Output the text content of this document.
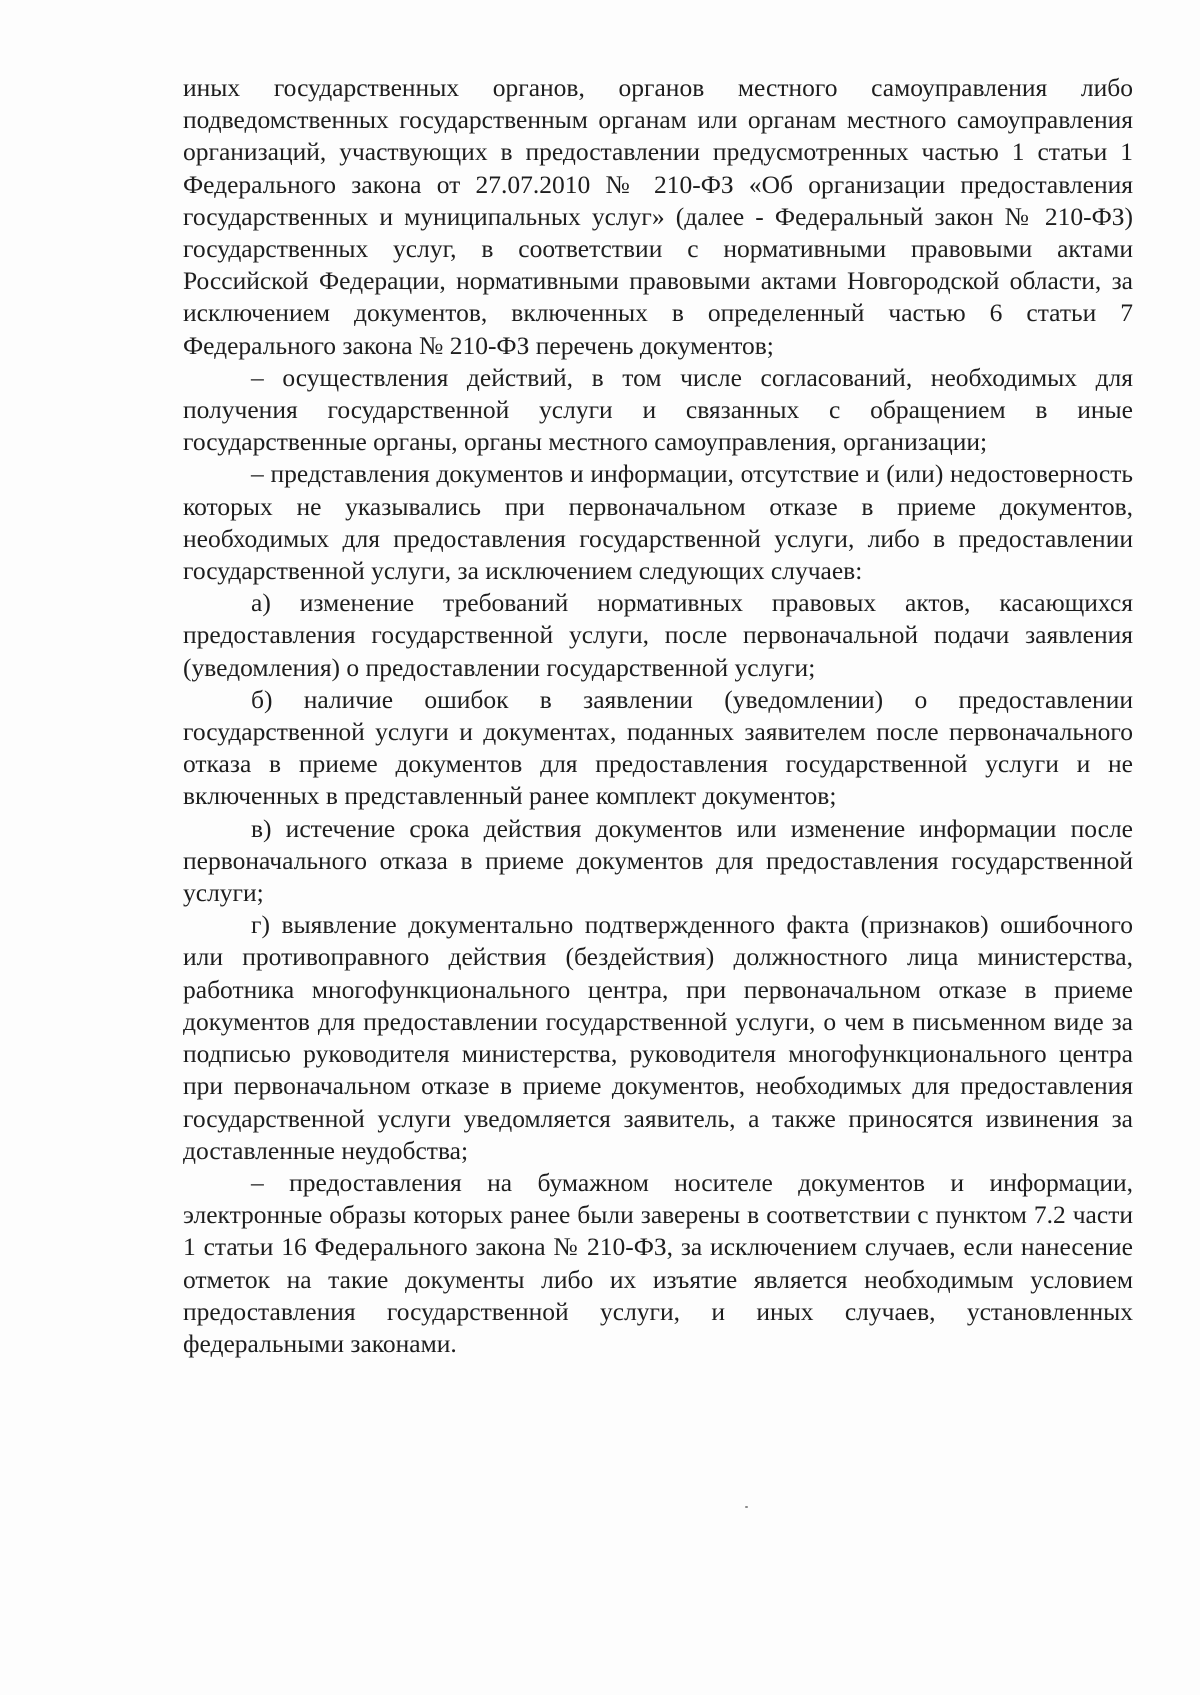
иных государственных органов, органов местного самоуправления либо подведомственных государственным органам или органам местного самоуправления организаций, участвующих в предоставлении предусмотренных частью 1 статьи 1 Федерального закона от 27.07.2010 № 210-ФЗ «Об организации предоставления государственных и муниципальных услуг» (далее - Федеральный закон № 210-ФЗ) государственных услуг, в соответствии с нормативными правовыми актами Российской Федерации, нормативными правовыми актами Новгородской области, за исключением документов, включенных в определенный частью 6 статьи 7 Федерального закона № 210-ФЗ перечень документов;

– осуществления действий, в том числе согласований, необходимых для получения государственной услуги и связанных с обращением в иные государственные органы, органы местного самоуправления, организации;

– представления документов и информации, отсутствие и (или) недостоверность которых не указывались при первоначальном отказе в приеме документов, необходимых для предоставления государственной услуги, либо в предоставлении государственной услуги, за исключением следующих случаев:

а) изменение требований нормативных правовых актов, касающихся предоставления государственной услуги, после первоначальной подачи заявления (уведомления) о предоставлении государственной услуги;

б) наличие ошибок в заявлении (уведомлении) о предоставлении государственной услуги и документах, поданных заявителем после первоначального отказа в приеме документов для предоставления государственной услуги и не включенных в представленный ранее комплект документов;

в) истечение срока действия документов или изменение информации после первоначального отказа в приеме документов для предоставления государственной услуги;

г) выявление документально подтвержденного факта (признаков) ошибочного или противоправного действия (бездействия) должностного лица министерства, работника многофункционального центра, при первоначальном отказе в приеме документов для предоставлении государственной услуги, о чем в письменном виде за подписью руководителя министерства, руководителя многофункционального центра при первоначальном отказе в приеме документов, необходимых для предоставления государственной услуги уведомляется заявитель, а также приносятся извинения за доставленные неудобства;

– предоставления на бумажном носителе документов и информации, электронные образы которых ранее были заверены в соответствии с пунктом 7.2 части 1 статьи 16 Федерального закона № 210-ФЗ, за исключением случаев, если нанесение отметок на такие документы либо их изъятие является необходимым условием предоставления государственной услуги, и иных случаев, установленных федеральными законами.
